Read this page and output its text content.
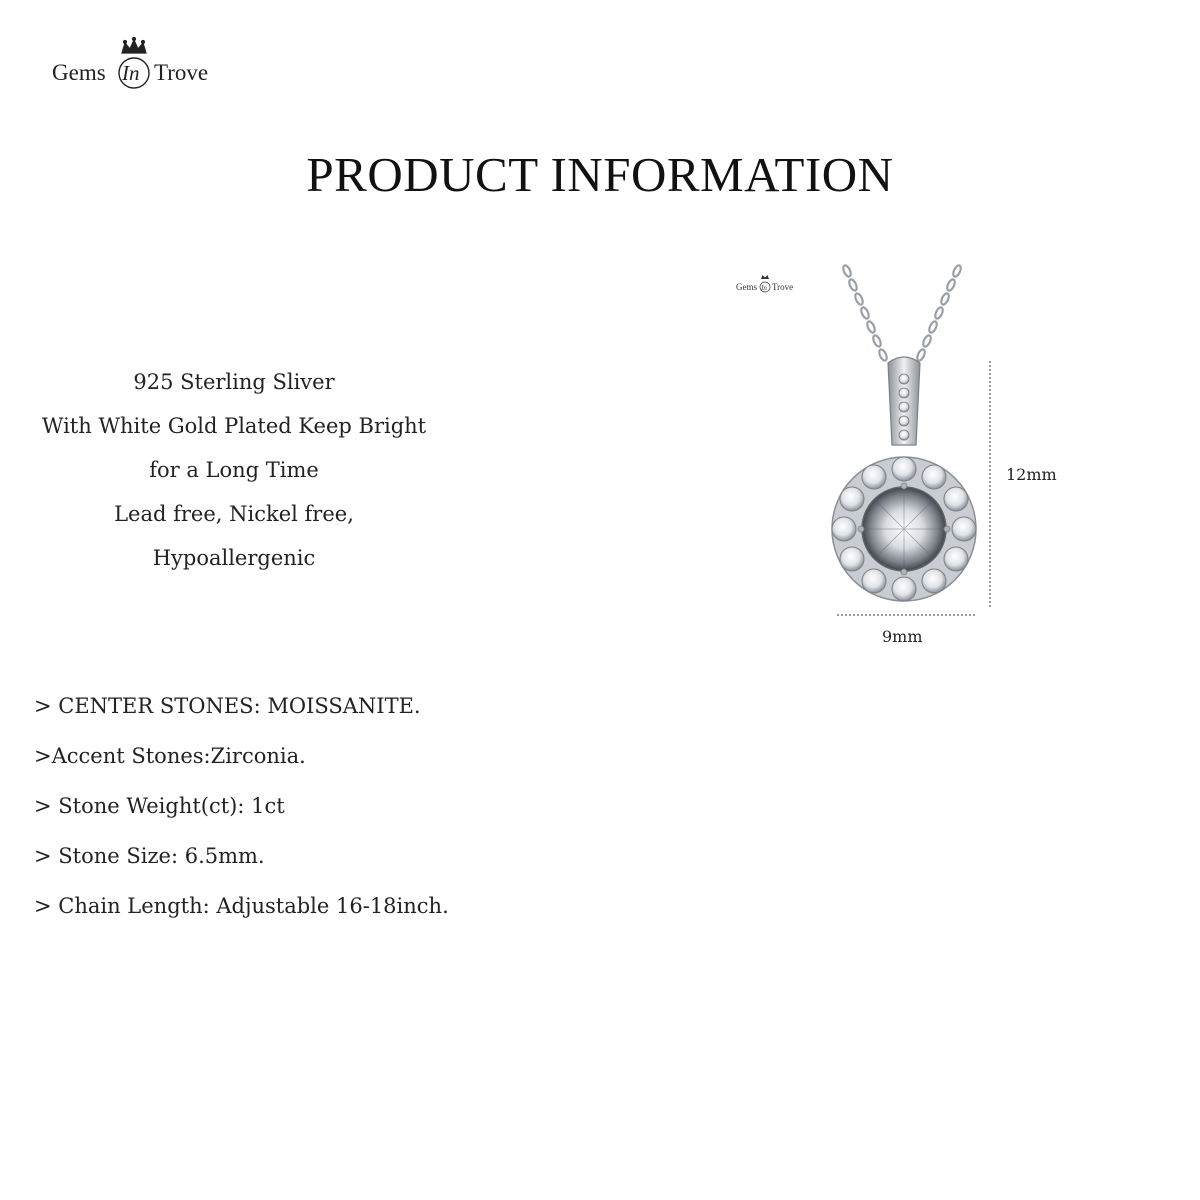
Gems In Trove
PRODUCT INFORMATION
925 Sterling Sliver
With White Gold Plated Keep Bright
for a Long Time
Lead free, Nickel free,
Hypoallergenic
Gems In Trove
12mm
9mm
> CENTER STONES: MOISSANITE.
>Accent Stones:Zirconia.
> Stone Weight(ct): 1ct
> Stone Size: 6.5mm.
> Chain Length: Adjustable 16-18inch.
